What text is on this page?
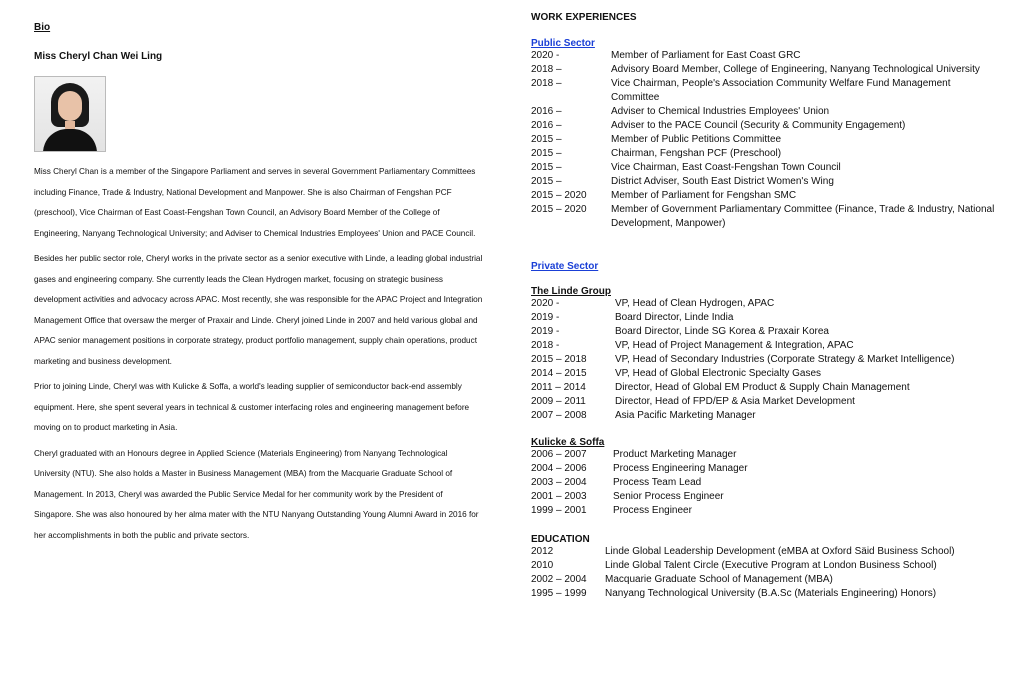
Bio
Miss Cheryl Chan Wei Ling

Miss Cheryl Chan is a member of the Singapore Parliament and serves in several Government Parliamentary Committees including Finance, Trade & Industry, National Development and Manpower. She is also Chairman of Fengshan PCF (preschool), Vice Chairman of East Coast-Fengshan Town Council, an Advisory Board Member of the College of Engineering, Nanyang Technological University; and Adviser to Chemical Industries Employees' Union and PACE Council.

Besides her public sector role, Cheryl works in the private sector as a senior executive with Linde, a leading global industrial gases and engineering company. She currently leads the Clean Hydrogen market, focusing on strategic business development activities and advocacy across APAC. Most recently, she was responsible for the APAC Project and Integration Management Office that oversaw the merger of Praxair and Linde. Cheryl joined Linde in 2007 and held various global and APAC senior management positions in corporate strategy, product portfolio management, supply chain operations, product marketing and business development.

Prior to joining Linde, Cheryl was with Kulicke & Soffa, a world's leading supplier of semiconductor back-end assembly equipment. Here, she spent several years in technical & customer interfacing roles and engineering management before moving on to product marketing in Asia.

Cheryl graduated with an Honours degree in Applied Science (Materials Engineering) from Nanyang Technological University (NTU). She also holds a Master in Business Management (MBA) from the Macquarie Graduate School of Management. In 2013, Cheryl was awarded the Public Service Medal for her community work by the President of Singapore. She was also honoured by her alma mater with the NTU Nanyang Outstanding Young Alumni Award in 2016 for her accomplishments in both the public and private sectors.

WORK EXPERIENCES
Public Sector
2020 -	Member of Parliament for East Coast GRC
2018 –	Advisory Board Member, College of Engineering, Nanyang Technological University
2018 –	Vice Chairman, People's Association Community Welfare Fund Management Committee
2016 –	Adviser to Chemical Industries Employees' Union
2016 –	Adviser to the PACE Council (Security & Community Engagement)
2015 –	Member of Public Petitions Committee
2015 –	Chairman, Fengshan PCF (Preschool)
2015 –	Vice Chairman, East Coast-Fengshan Town Council
2015 –	District Adviser, South East District Women's Wing
2015 – 2020	Member of Parliament for Fengshan SMC
2015 – 2020	Member of Government Parliamentary Committee (Finance, Trade & Industry, National Development, Manpower)
Private Sector
The Linde Group
2020 -	VP, Head of Clean Hydrogen, APAC
2019 -	Board Director, Linde India
2019 -	Board Director, Linde SG Korea & Praxair Korea
2018 -	VP, Head of Project Management & Integration, APAC
2015 – 2018	VP, Head of Secondary Industries (Corporate Strategy & Market Intelligence)
2014 – 2015	VP, Head of Global Electronic Specialty Gases
2011 – 2014	Director, Head of Global EM Product & Supply Chain Management
2009 – 2011	Director, Head of FPD/EP & Asia Market Development
2007 – 2008	Asia Pacific Marketing Manager
Kulicke & Soffa
2006 – 2007	Product Marketing Manager
2004 – 2006	Process Engineering Manager
2003 – 2004	Process Team Lead
2001 – 2003	Senior Process Engineer
1999 – 2001	Process Engineer
EDUCATION
2012	Linde Global Leadership Development (eMBA at Oxford Säid Business School)
2010	Linde Global Talent Circle (Executive Program at London Business School)
2002 – 2004	Macquarie Graduate School of Management (MBA)
1995 – 1999	Nanyang Technological University (B.A.Sc (Materials Engineering) Honors)
